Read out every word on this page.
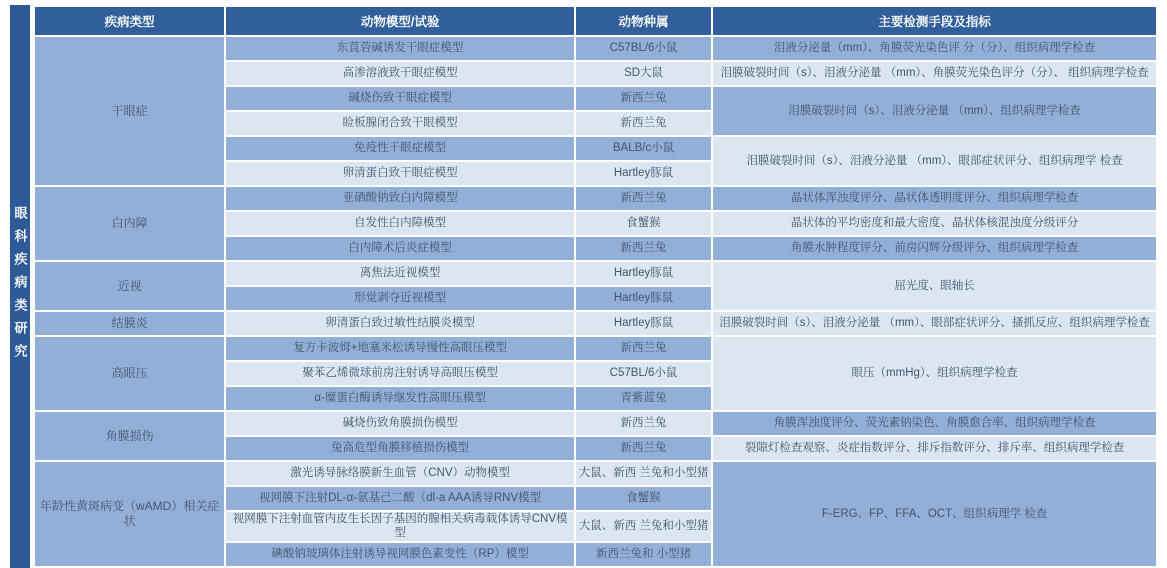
眼科疾病类研究
疾病类型	动物模型/试验	动物种属	主要检测手段及指标
干眼症	东莨菪碱诱发干眼症模型	C57BL/6小鼠	泪液分泌量（mm）、角膜荧光染色评 分（分）、组织病理学检查
	高渗溶液致干眼症模型	SD大鼠	泪膜破裂时间（s）、泪液分泌量 （mm）、角膜荧光染色评分（分）、 组织病理学检查
	碱烧伤致干眼症模型	新西兰兔	泪膜破裂时间（s）、泪液分泌量 （mm）、组织病理学检查
	睑板腺闭合致干眼模型	新西兰兔	
	免疫性干眼症模型	BALB/c小鼠	泪膜破裂时间（s）、泪液分泌量 （mm）、眼部症状评分、组织病理学 检查
	卵清蛋白致干眼症模型	Hartley豚鼠	
白内障	亚硒酸钠致白内障模型	新西兰兔	晶状体浑浊度评分、晶状体透明度评分、组织病理学检查
	自发性白内障模型	食蟹猴	晶状体的平均密度和最大密度、晶状体核混浊度分级评分
	白内障术后炎症模型	新西兰兔	角膜水肿程度评分、前房闪辉分级评分、组织病理学检查
近视	离焦法近视模型	Hartley豚鼠	屈光度、眼轴长
	形觉剥夺近视模型	Hartley豚鼠	
结膜炎	卵清蛋白致过敏性结膜炎模型	Hartley豚鼠	泪膜破裂时间（s）、泪液分泌量 （mm）、眼部症状评分、搔抓反应、组织病理学检查
高眼压	复方卡波姆+地塞米松诱导慢性高眼压模型	新西兰兔	眼压（mmHg）、组织病理学检查
	聚苯乙烯微球前房注射诱导高眼压模型	C57BL/6小鼠	
	α-糜蛋白酶诱导继发性高眼压模型	青紫蓝兔	
角膜损伤	碱烧伤致角膜损伤模型	新西兰兔	角膜浑浊度评分、荧光素钠染色、角膜愈合率、组织病理学检查
	兔高危型角膜移植损伤模型	新西兰兔	裂隙灯检查观察、炎症指数评分、排斥指数评分、排斥率、组织病理学检查
年龄性黄斑病变（wAMD）相关症状	激光诱导脉络膜新生血管（CNV）动物模型	大鼠、新西 兰兔和小型猪	F-ERG、FP、FFA、OCT、组织病理学 检查
	视网膜下注射DL-α-氨基己二酸（dl-a AAA诱导RNV模型	食蟹猴	
	视网膜下注射血管内皮生长因子基因的腺相关病毒载体诱导CNV模型	大鼠、新西 兰兔和小型猪	
	碘酸钠玻璃体注射诱导视网膜色素变性（RP）模型	新西兰兔和 小型猪	
